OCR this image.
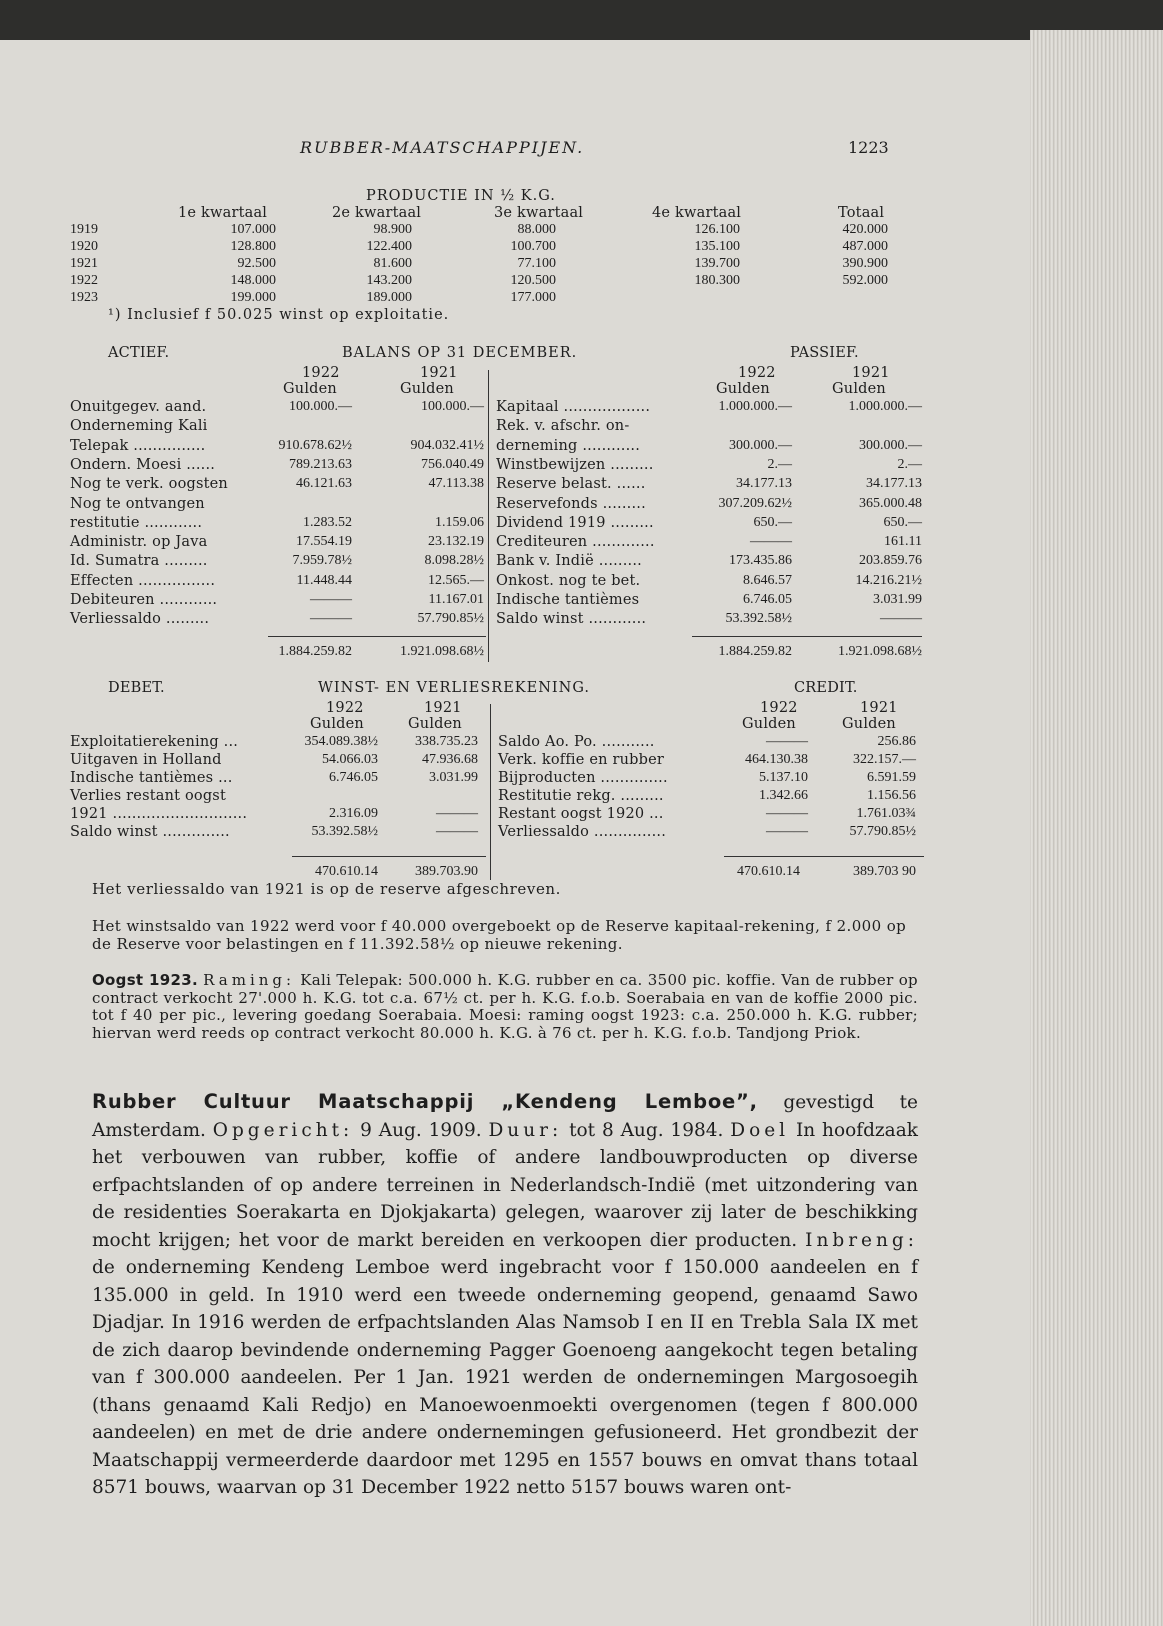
RUBBER-MAATSCHAPPIJEN.	1223
PRODUCTIE IN ½ K.G.
1e kwartaal	2e kwartaal	3e kwartaal	4e kwartaal	Totaal
1919	107.000	98.900	88.000	126.100	420.000
1920	128.800	122.400	100.700	135.100	487.000
1921	92.500	81.600	77.100	139.700	390.900
1922	148.000	143.200	120.500	180.300	592.000
1923	199.000	189.000	177.000
¹) Inclusief f 50.025 winst op exploitatie.
ACTIEF.	BALANS OP 31 DECEMBER.	PASSIEF.
1922	1921
Gulden	Gulden
1922	1921
Gulden	Gulden
Onuitgegev. aand.	100.000.—	100.000.—
Onderneming Kali
Telepak ...............	910.678.62½	904.032.41½
Ondern. Moesi ......	789.213.63	756.040.49
Nog te verk. oogsten	46.121.63	47.113.38
Nog te ontvangen
restitutie ............	1.283.52	1.159.06
Administr. op Java	17.554.19	23.132.19
Id. Sumatra .........	7.959.78½	8.098.28½
Effecten ................	11.448.44	12.565.—
Debiteuren ............	———	11.167.01
Verliessaldo .........	———	57.790.85½
Kapitaal ..................	1.000.000.—	1.000.000.—
Rek. v. afschr. on-
derneming ............	300.000.—	300.000.—
Winstbewijzen .........	2.—	2.—
Reserve belast. ......	34.177.13	34.177.13
Reservefonds .........	307.209.62½	365.000.48
Dividend 1919 .........	650.—	650.—
Crediteuren .............	———	161.11
Bank v. Indië .........	173.435.86	203.859.76
Onkost. nog te bet.	8.646.57	14.216.21½
Indische tantièmes	6.746.05	3.031.99
Saldo winst ............	53.392.58½	———
1.884.259.82	1.921.098.68½	1.884.259.82	1.921.098.68½
DEBET.	WINST- EN VERLIESREKENING.	CREDIT.
1922	1921
Gulden	Gulden
1922	1921
Gulden	Gulden
Exploitatierekening ...	354.089.38½	338.735.23
Uitgaven in Holland	54.066.03	47.936.68
Indische tantièmes ...	6.746.05	3.031.99
Verlies restant oogst
1921 ............................	2.316.09	———
Saldo winst ..............	53.392.58½	———
Saldo Ao. Po. ...........	———	256.86
Verk. koffie en rubber	464.130.38	322.157.—
Bijproducten ..............	5.137.10	6.591.59
Restitutie rekg. .........	1.342.66	1.156.56
Restant oogst 1920 ...	———	1.761.03¾
Verliessaldo ...............	———	57.790.85½
470.610.14	389.703.90	470.610.14	389.703 90
Het verliessaldo van 1921 is op de reserve afgeschreven.
Het winstsaldo van 1922 werd voor f 40.000 overgeboekt op de Reserve kapitaal-rekening, f 2.000 op de Reserve voor belastingen en f 11.392.58½ op nieuwe rekening.
Oogst 1923. Raming: Kali Telepak: 500.000 h. K.G. rubber en ca. 3500 pic. koffie. Van de rubber op contract verkocht 27'.000 h. K.G. tot c.a. 67½ ct. per h. K.G. f.o.b. Soerabaia en van de koffie 2000 pic. tot f 40 per pic., levering goedang Soerabaia. Moesi: raming oogst 1923: c.a. 250.000 h. K.G. rubber; hiervan werd reeds op contract verkocht 80.000 h. K.G. à 76 ct. per h. K.G. f.o.b. Tandjong Priok.
Rubber Cultuur Maatschappij „Kendeng Lemboe”, gevestigd te Amsterdam. Opgericht: 9 Aug. 1909. Duur: tot 8 Aug. 1984. Doel In hoofdzaak het verbouwen van rubber, koffie of andere landbouwproducten op diverse erfpachtslanden of op andere terreinen in Nederlandsch-Indië (met uitzondering van de residenties Soerakarta en Djokjakarta) gelegen, waarover zij later de beschikking mocht krijgen; het voor de markt bereiden en verkoopen dier producten. Inbreng: de onderneming Kendeng Lemboe werd ingebracht voor f 150.000 aandeelen en f 135.000 in geld. In 1910 werd een tweede onderneming geopend, genaamd Sawo Djadjar. In 1916 werden de erfpachtslanden Alas Namsob I en II en Trebla Sala IX met de zich daarop bevindende onderneming Pagger Goenoeng aangekocht tegen betaling van f 300.000 aandeelen. Per 1 Jan. 1921 werden de ondernemingen Margosoegih (thans genaamd Kali Redjo) en Manoewoenmoekti overgenomen (tegen f 800.000 aandeelen) en met de drie andere ondernemingen gefusioneerd. Het grondbezit der Maatschappij vermeerderde daardoor met 1295 en 1557 bouws en omvat thans totaal 8571 bouws, waarvan op 31 December 1922 netto 5157 bouws waren ont-
